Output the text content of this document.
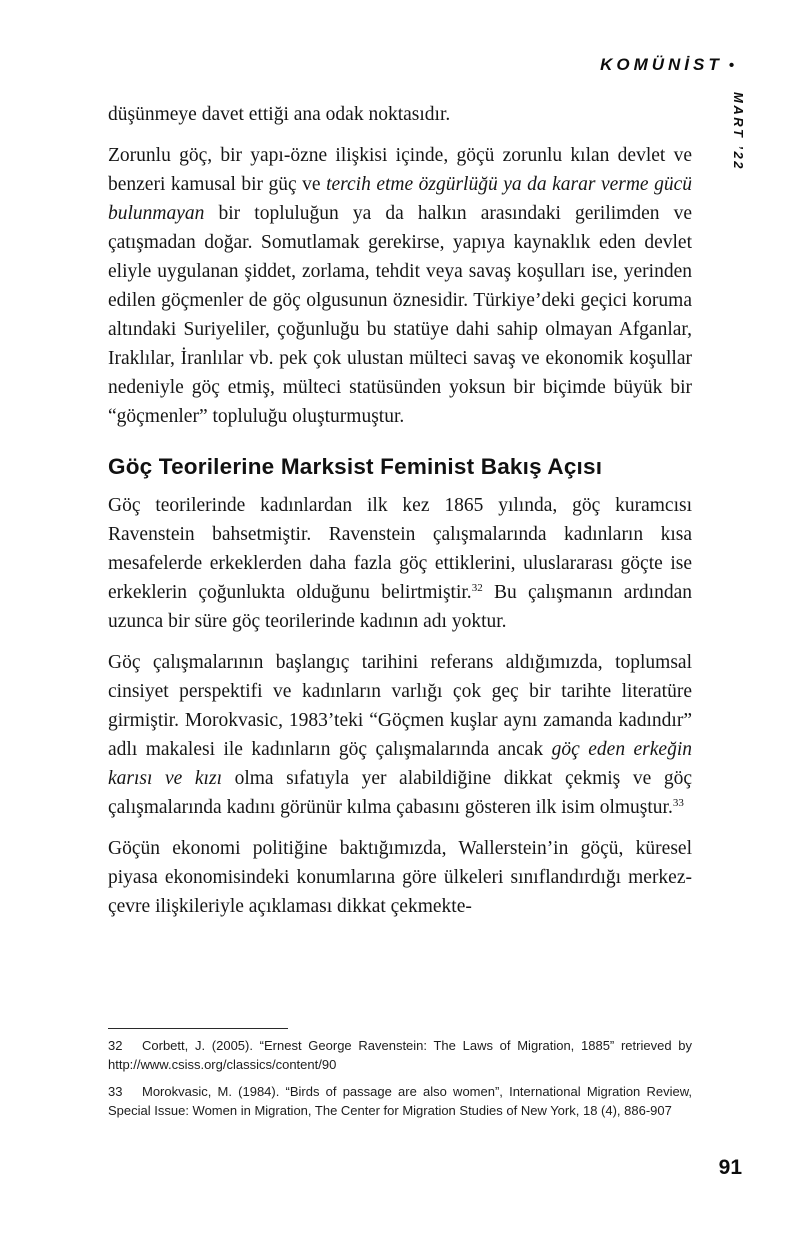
KOMÜNİST •
MART ’22

düşünmeye davet ettiği ana odak noktasıdır.

Zorunlu göç, bir yapı-özne ilişkisi içinde, göçü zorunlu kılan devlet ve benzeri kamusal bir güç ve tercih etme özgürlüğü ya da karar verme gücü bulunmayan bir topluluğun ya da halkın arasındaki gerilimden ve çatışmadan doğar. Somutlamak gerekirse, yapıya kaynaklık eden devlet eliyle uygulanan şiddet, zorlama, tehdit veya savaş koşulları ise, yerinden edilen göçmenler de göç olgusunun öznesidir. Türkiye’deki geçici koruma altındaki Suriyeliler, çoğunluğu bu statüye dahi sahip olmayan Afganlar, Iraklılar, İranlılar vb. pek çok ulustan mülteci savaş ve ekonomik koşullar nedeniyle göç etmiş, mülteci statüsünden yoksun bir biçimde büyük bir “göçmenler” topluluğu oluşturmuştur.

Göç Teorilerine Marksist Feminist Bakış Açısı

Göç teorilerinde kadınlardan ilk kez 1865 yılında, göç kuramcısı Ravenstein bahsetmiştir. Ravenstein çalışmalarında kadınların kısa mesafelerde erkeklerden daha fazla göç ettiklerini, uluslararası göçte ise erkeklerin çoğunlukta olduğunu belirtmiştir.$^{32}$ Bu çalışmanın ardından uzunca bir süre göç teorilerinde kadının adı yoktur.

Göç çalışmalarının başlangıç tarihini referans aldığımızda, toplumsal cinsiyet perspektifi ve kadınların varlığı çok geç bir tarihte literatüre girmiştir. Morokvasic, 1983’teki “Göçmen kuşlar aynı zamanda kadındır” adlı makalesi ile kadınların göç çalışmalarında ancak göç eden erkeğin karısı ve kızı olma sıfatıyla yer alabildiğine dikkat çekmiş ve göç çalışmalarında kadını görünür kılma çabasını gösteren ilk isim olmuştur.$^{33}$

Göçün ekonomi politiğine baktığımızda, Wallerstein’in göçü, küresel piyasa ekonomisindeki konumlarına göre ülkeleri sınıflandırdığı merkez-çevre ilişkileriyle açıklaması dikkat çekmekte-

32 Corbett, J. (2005). “Ernest George Ravenstein: The Laws of Migration, 1885” retrieved by http://www.csiss.org/classics/content/90

33 Morokvasic, M. (1984). “Birds of passage are also women”, International Migration Review, Special Issue: Women in Migration, The Center for Migration Studies of New York, 18 (4), 886-907

91
